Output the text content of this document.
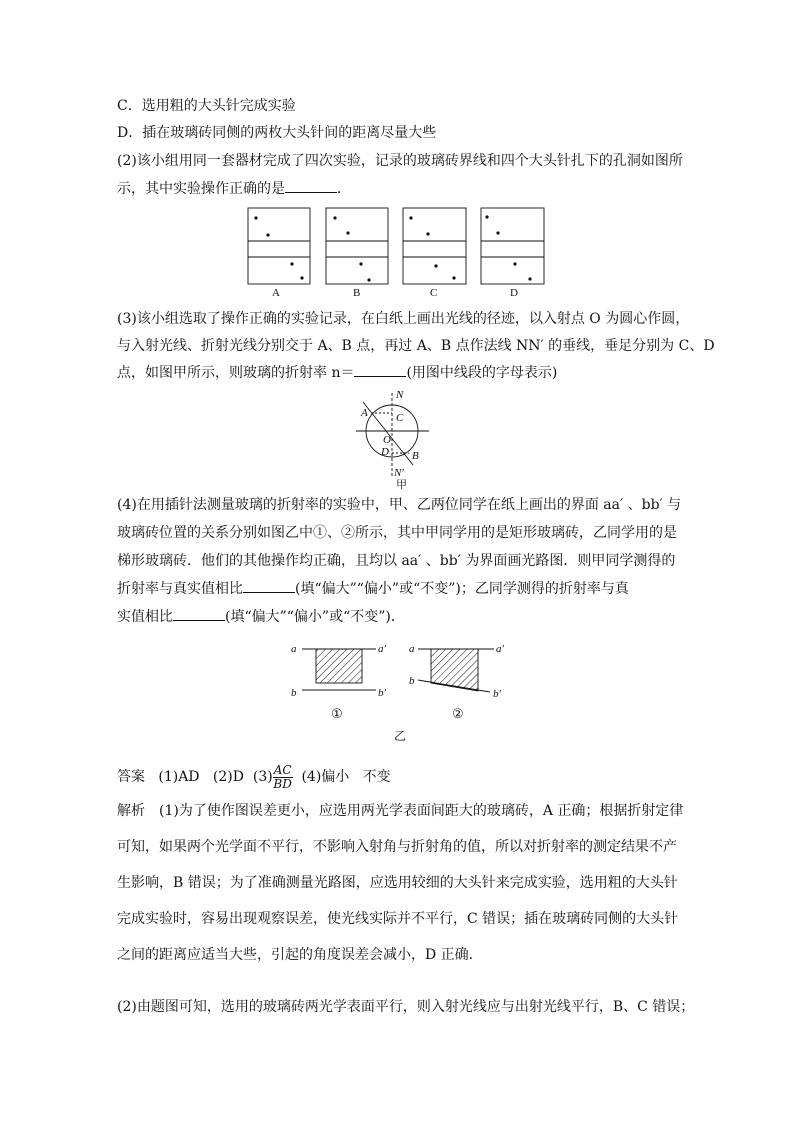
C．选用粗的大头针完成实验
D．插在玻璃砖同侧的两枚大头针间的距离尽量大些
(2)该小组用同一套器材完成了四次实验，记录的玻璃砖界线和四个大头针扎下的孔洞如图所
示，其中实验操作正确的是	．
A	B	C	D
(3)该小组选取了操作正确的实验记录，在白纸上画出光线的径迹，以入射点 O 为圆心作圆，
与入射光线、折射光线分别交于 A、B 点，再过 A、B 点作法线 NN′ 的垂线，垂足分别为 C、D
点，如图甲所示，则玻璃的折射率 n＝	(用图中线段的字母表示)
N
A	C
O
D B
N′
甲
(4)在用插针法测量玻璃的折射率的实验中，甲、乙两位同学在纸上画出的界面 aa′ 、bb′ 与
玻璃砖位置的关系分别如图乙中①、②所示，其中甲同学用的是矩形玻璃砖，乙同学用的是
梯形玻璃砖．他们的其他操作均正确，且均以 aa′ 、bb′ 为界面画光路图．则甲同学测得的
折射率与真实值相比	(填“偏大”“偏小”或“不变”)；乙同学测得的折射率与真
实值相比	(填“偏大”“偏小”或“不变”)．
a	a′
b	b′
①
a	a′
b
b′
②
乙
答案 (1)AD (2)D $(3) \frac{AC}{BD} (4)$偏小 不变
解析　(1)为了使作图误差更小，应选用两光学表面间距大的玻璃砖，A 正确；根据折射定律
可知，如果两个光学面不平行，不影响入射角与折射角的值，所以对折射率的测定结果不产
生影响，B 错误；为了准确测量光路图，应选用较细的大头针来完成实验，选用粗的大头针
完成实验时，容易出现观察误差，使光线实际并不平行，C 错误；插在玻璃砖同侧的大头针
之间的距离应适当大些，引起的角度误差会减小，D 正确.
(2)由题图可知，选用的玻璃砖两光学表面平行，则入射光线应与出射光线平行，B、C 错误；
